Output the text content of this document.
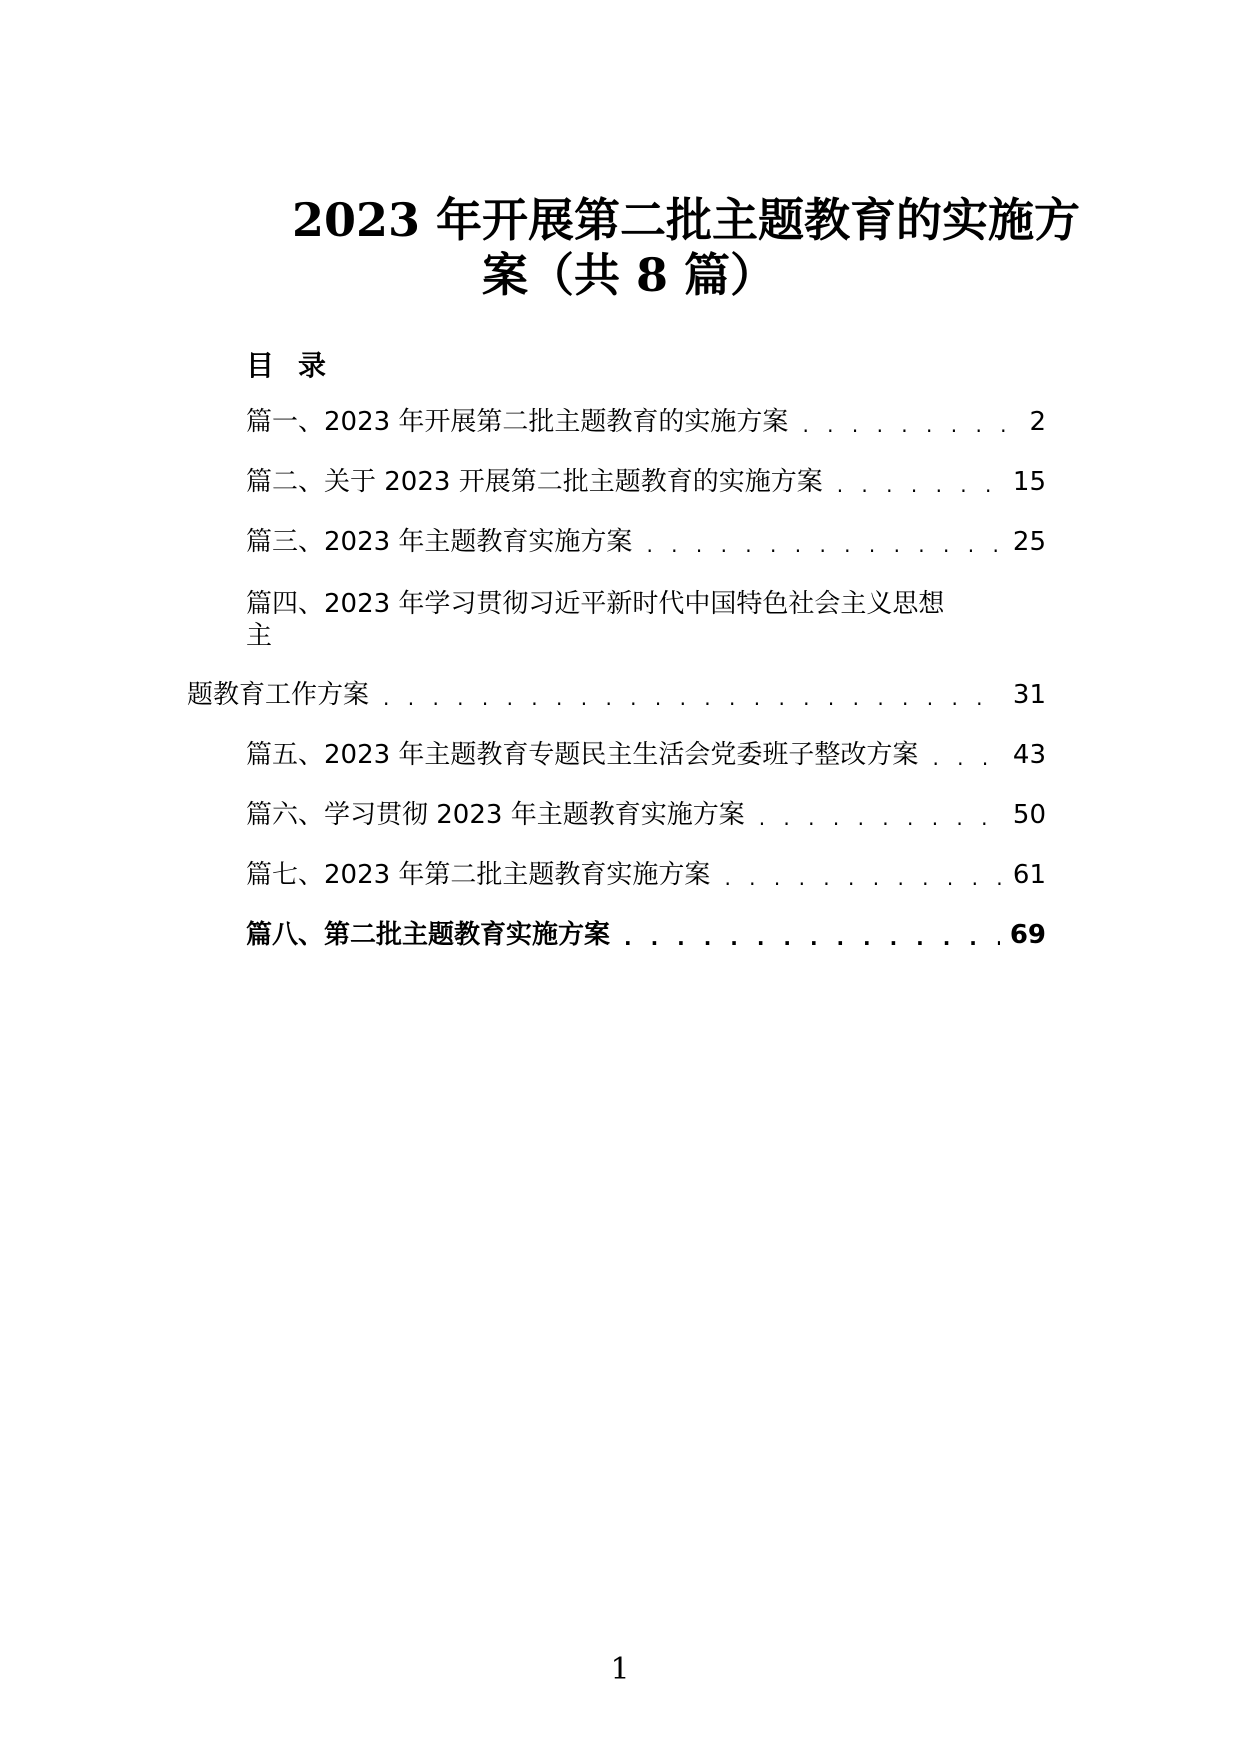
2023 年开展第二批主题教育的实施方
案（共 8 篇）
目录
篇一、2023 年开展第二批主题教育的实施方案 . . .	2
篇二、关于 2023 开展第二批主题教育的实施方案 . . .	15
篇三、2023 年主题教育实施方案 . . .	25
篇四、2023 年学习贯彻习近平新时代中国特色社会主义思想
主
题教育工作方案 . . .	31
篇五、2023 年主题教育专题民主生活会党委班子整改方案 . . .	43
篇六、学习贯彻 2023 年主题教育实施方案 . . .	50
篇七、2023 年第二批主题教育实施方案 . . .	61
篇八、第二批主题教育实施方案 . . .	69
1
